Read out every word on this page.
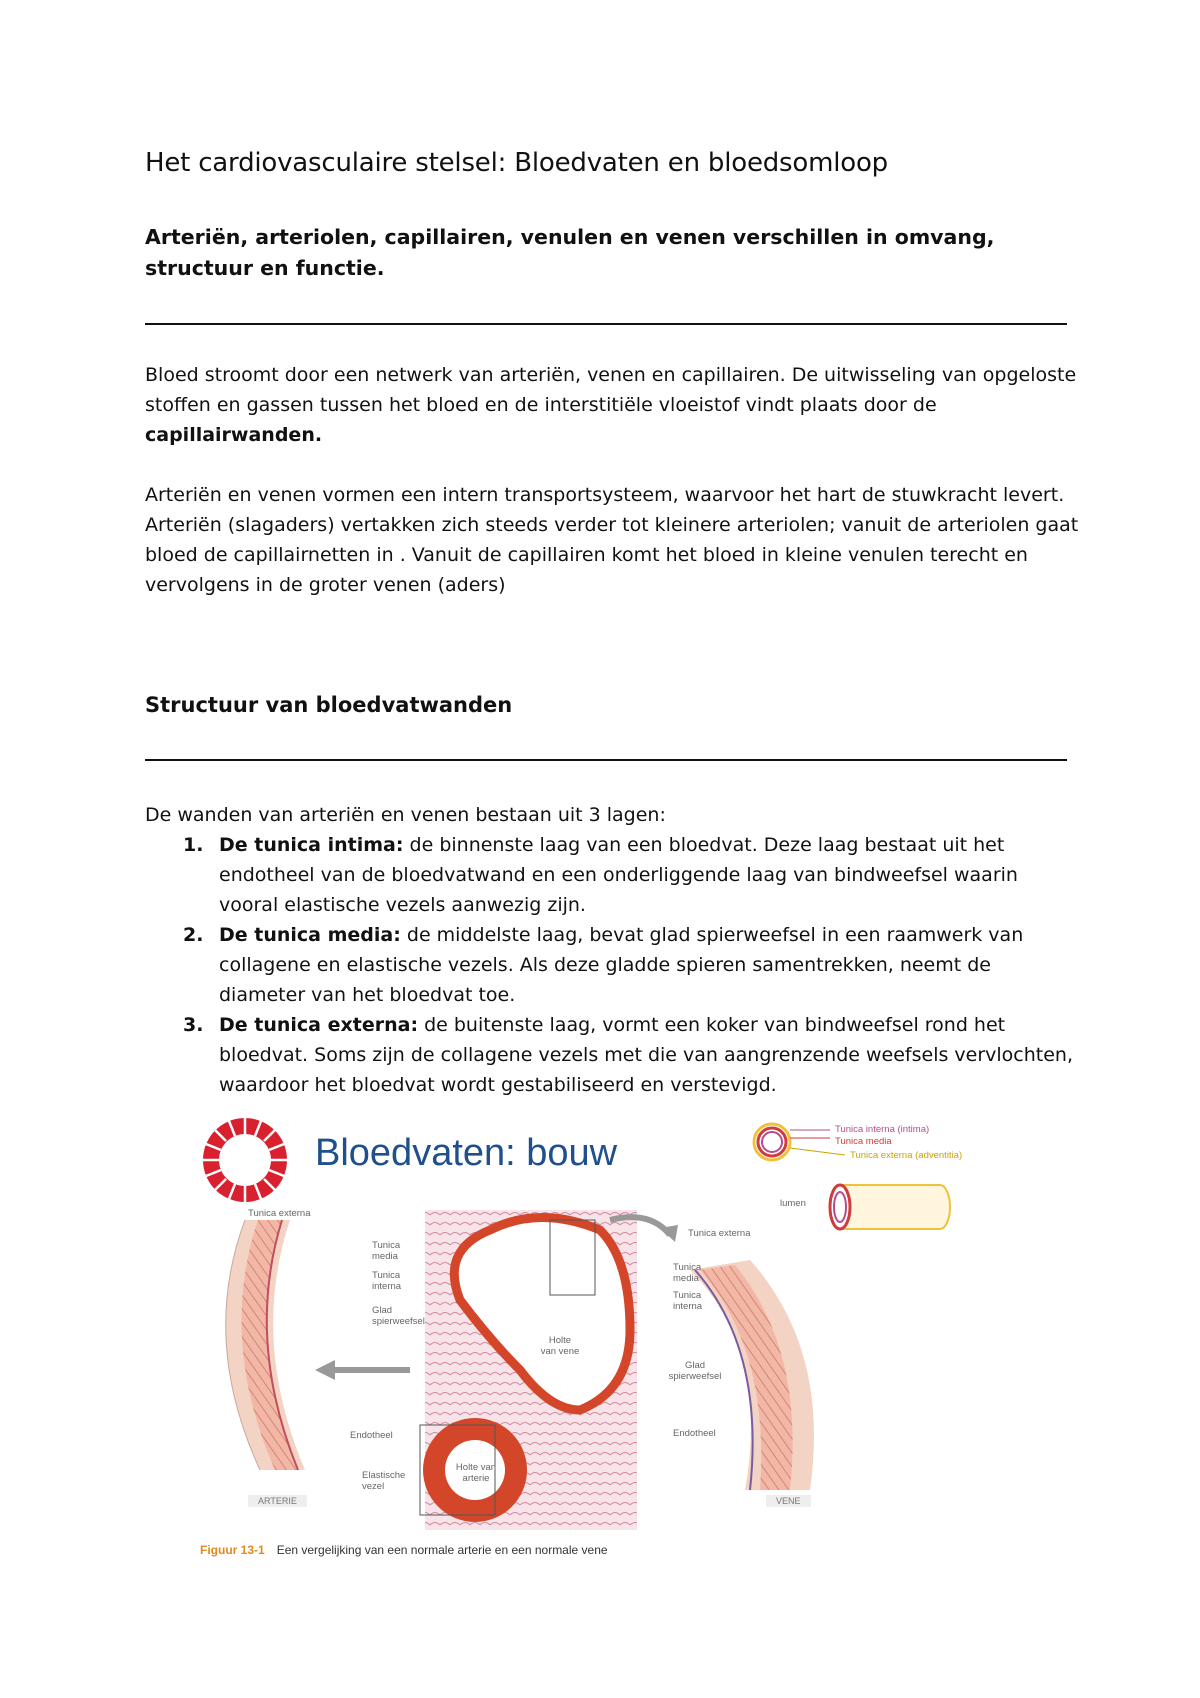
Het cardiovasculaire stelsel: Bloedvaten en bloedsomloop

Arteriën, arteriolen, capillairen, venulen en venen verschillen in omvang, structuur en functie.

Bloed stroomt door een netwerk van arteriën, venen en capillairen. De uitwisseling van opgeloste stoffen en gassen tussen het bloed en de interstitiële vloeistof vindt plaats door de capillairwanden.

Arteriën en venen vormen een intern transportsysteem, waarvoor het hart de stuwkracht levert. Arteriën (slagaders) vertakken zich steeds verder tot kleinere arteriolen; vanuit de arteriolen gaat bloed de capillairnetten in . Vanuit de capillairen komt het bloed in kleine venulen terecht en vervolgens in de groter venen (aders)

Structuur van bloedvatwanden

De wanden van arteriën en venen bestaan uit 3 lagen:

1. De tunica intima: de binnenste laag van een bloedvat. Deze laag bestaat uit het endotheel van de bloedvatwand en een onderliggende laag van bindweefsel waarin vooral elastische vezels aanwezig zijn.
2. De tunica media: de middelste laag, bevat glad spierweefsel in een raamwerk van collagene en elastische vezels. Als deze gladde spieren samentrekken, neemt de diameter van het bloedvat toe.
3. De tunica externa: de buitenste laag, vormt een koker van bindweefsel rond het bloedvat. Soms zijn de collagene vezels met die van aangrenzende weefsels vervlochten, waardoor het bloedvat wordt gestabiliseerd en verstevigd.
Bloedvaten: bouw
Tunica interna (intima)
Tunica media
Tunica externa (adventitia)
lumen
Tunica externa
Tunica media
Tunica interna
Glad spierweefsel
Endotheel
Elastische vezel
ARTERIE
Holte van vene
Holte van arterie
Tunica externa
Tunica media
Tunica interna
Glad spierweefsel
Endotheel
VENE
Figuur 13-1 Een vergelijking van een normale arterie en een normale vene
